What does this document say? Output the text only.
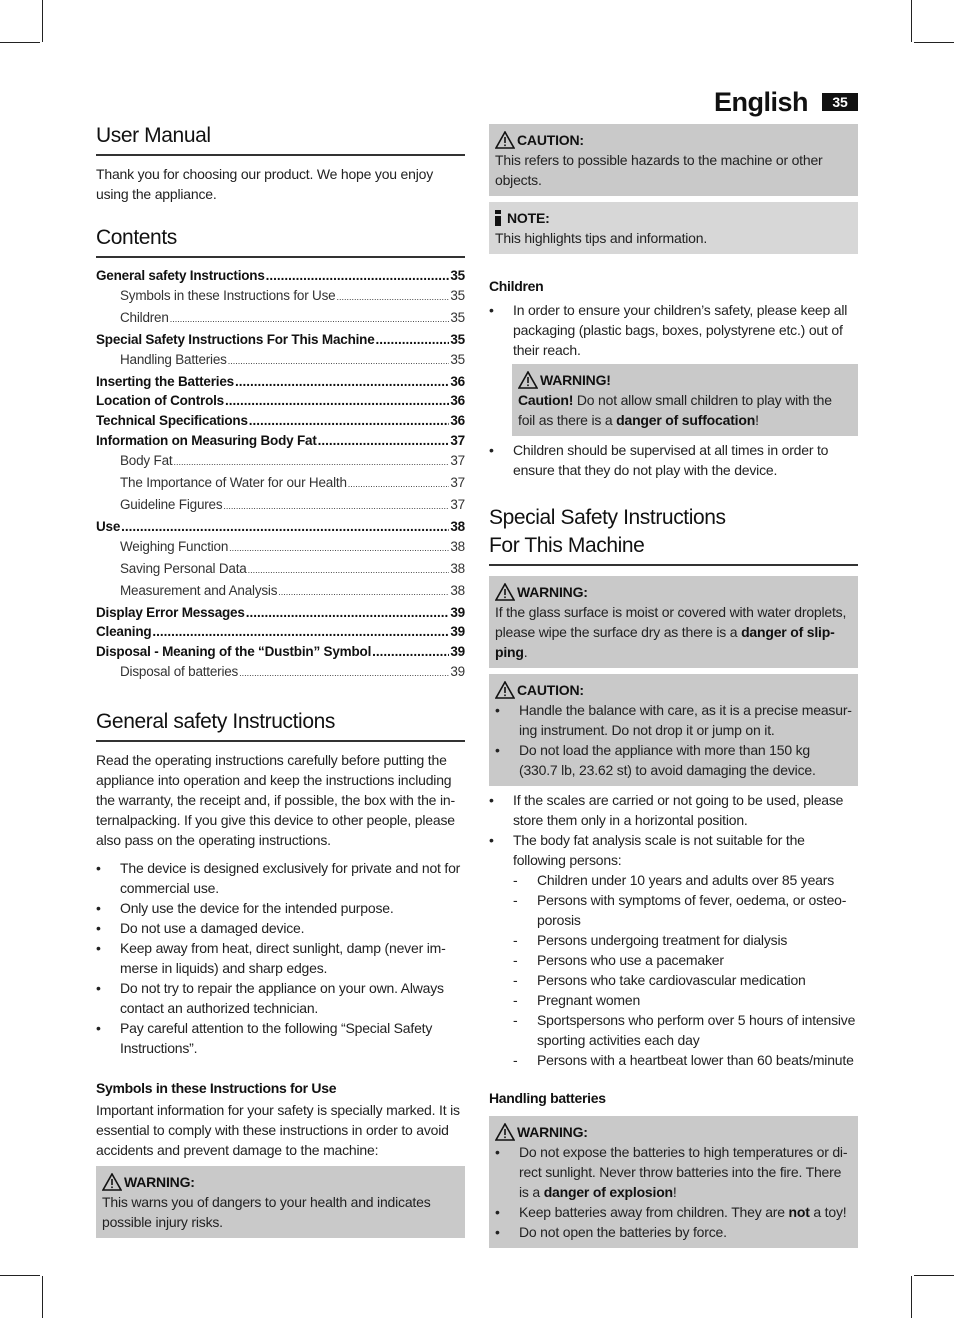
English	35
User Manual

Thank you for choosing our product. We hope you enjoy using the appliance.

Contents
General safety Instructions .....	35
Symbols in these Instructions for Use .....	35
Children .....	35
Special Safety Instructions For This Machine .....	35
Handling Batteries .....	35
Inserting the Batteries .....	36
Location of Controls .....	36
Technical Specifications .....	36
Information on Measuring Body Fat .....	37
Body Fat .....	37
The Importance of Water for our Health .....	37
Guideline Figures .....	37
Use .....	38
Weighing Function .....	38
Saving Personal Data .....	38
Measurement and Analysis .....	38
Display Error Messages .....	39
Cleaning .....	39
Disposal - Meaning of the “Dustbin” Symbol .....	39
Disposal of batteries .....	39
General safety Instructions

Read the operating instructions carefully before putting the appliance into operation and keep the instructions including the warranty, the receipt and, if possible, the box with the in-ternalpacking. If you give this device to other people, please also pass on the operating instructions.

• The device is designed exclusively for private and not for commercial use.
• Only use the device for the intended purpose.
• Do not use a damaged device.
• Keep away from heat, direct sunlight, damp (never im-merse in liquids) and sharp edges.
• Do not try to repair the appliance on your own. Always contact an authorized technician.
• Pay careful attention to the following “Special Safety Instructions”.
Symbols in these Instructions for Use

Important information for your safety is specially marked. It is essential to comply with these instructions in order to avoid accidents and prevent damage to the machine:

WARNING:

This warns you of dangers to your health and indicates possible injury risks.

CAUTION:

This refers to possible hazards to the machine or other objects.

NOTE:

This highlights tips and information.

Children
• In order to ensure your children’s safety, please keep all packaging (plastic bags, boxes, polystyrene etc.) out of their reach.
WARNING!

Caution! Do not allow small children to play with the foil as there is a danger of suffocation!

• Children should be supervised at all times in order to ensure that they do not play with the device.
Special Safety Instructions
For This Machine
WARNING:

If the glass surface is moist or covered with water droplets, please wipe the surface dry as there is a danger of slip-ping.

CAUTION:
• Handle the balance with care, as it is a precise measur-ing instrument. Do not drop it or jump on it.
• Do not load the appliance with more than 150 kg (330.7 lb, 23.62 st) to avoid damaging the device.
• If the scales are carried or not going to be used, please store them only in a horizontal position.
• The body fat analysis scale is not suitable for the following persons:
- Children under 10 years and adults over 85 years
- Persons with symptoms of fever, oedema, or osteo-porosis
- Persons undergoing treatment for dialysis
- Persons who use a pacemaker
- Persons who take cardiovascular medication
- Pregnant women
- Sportspersons who perform over 5 hours of intensive sporting activities each day
- Persons with a heartbeat lower than 60 beats/minute
Handling batteries
WARNING:
• Do not expose the batteries to high temperatures or di-rect sunlight. Never throw batteries into the fire. There is a danger of explosion!
• Keep batteries away from children. They are not a toy!
• Do not open the batteries by force.
